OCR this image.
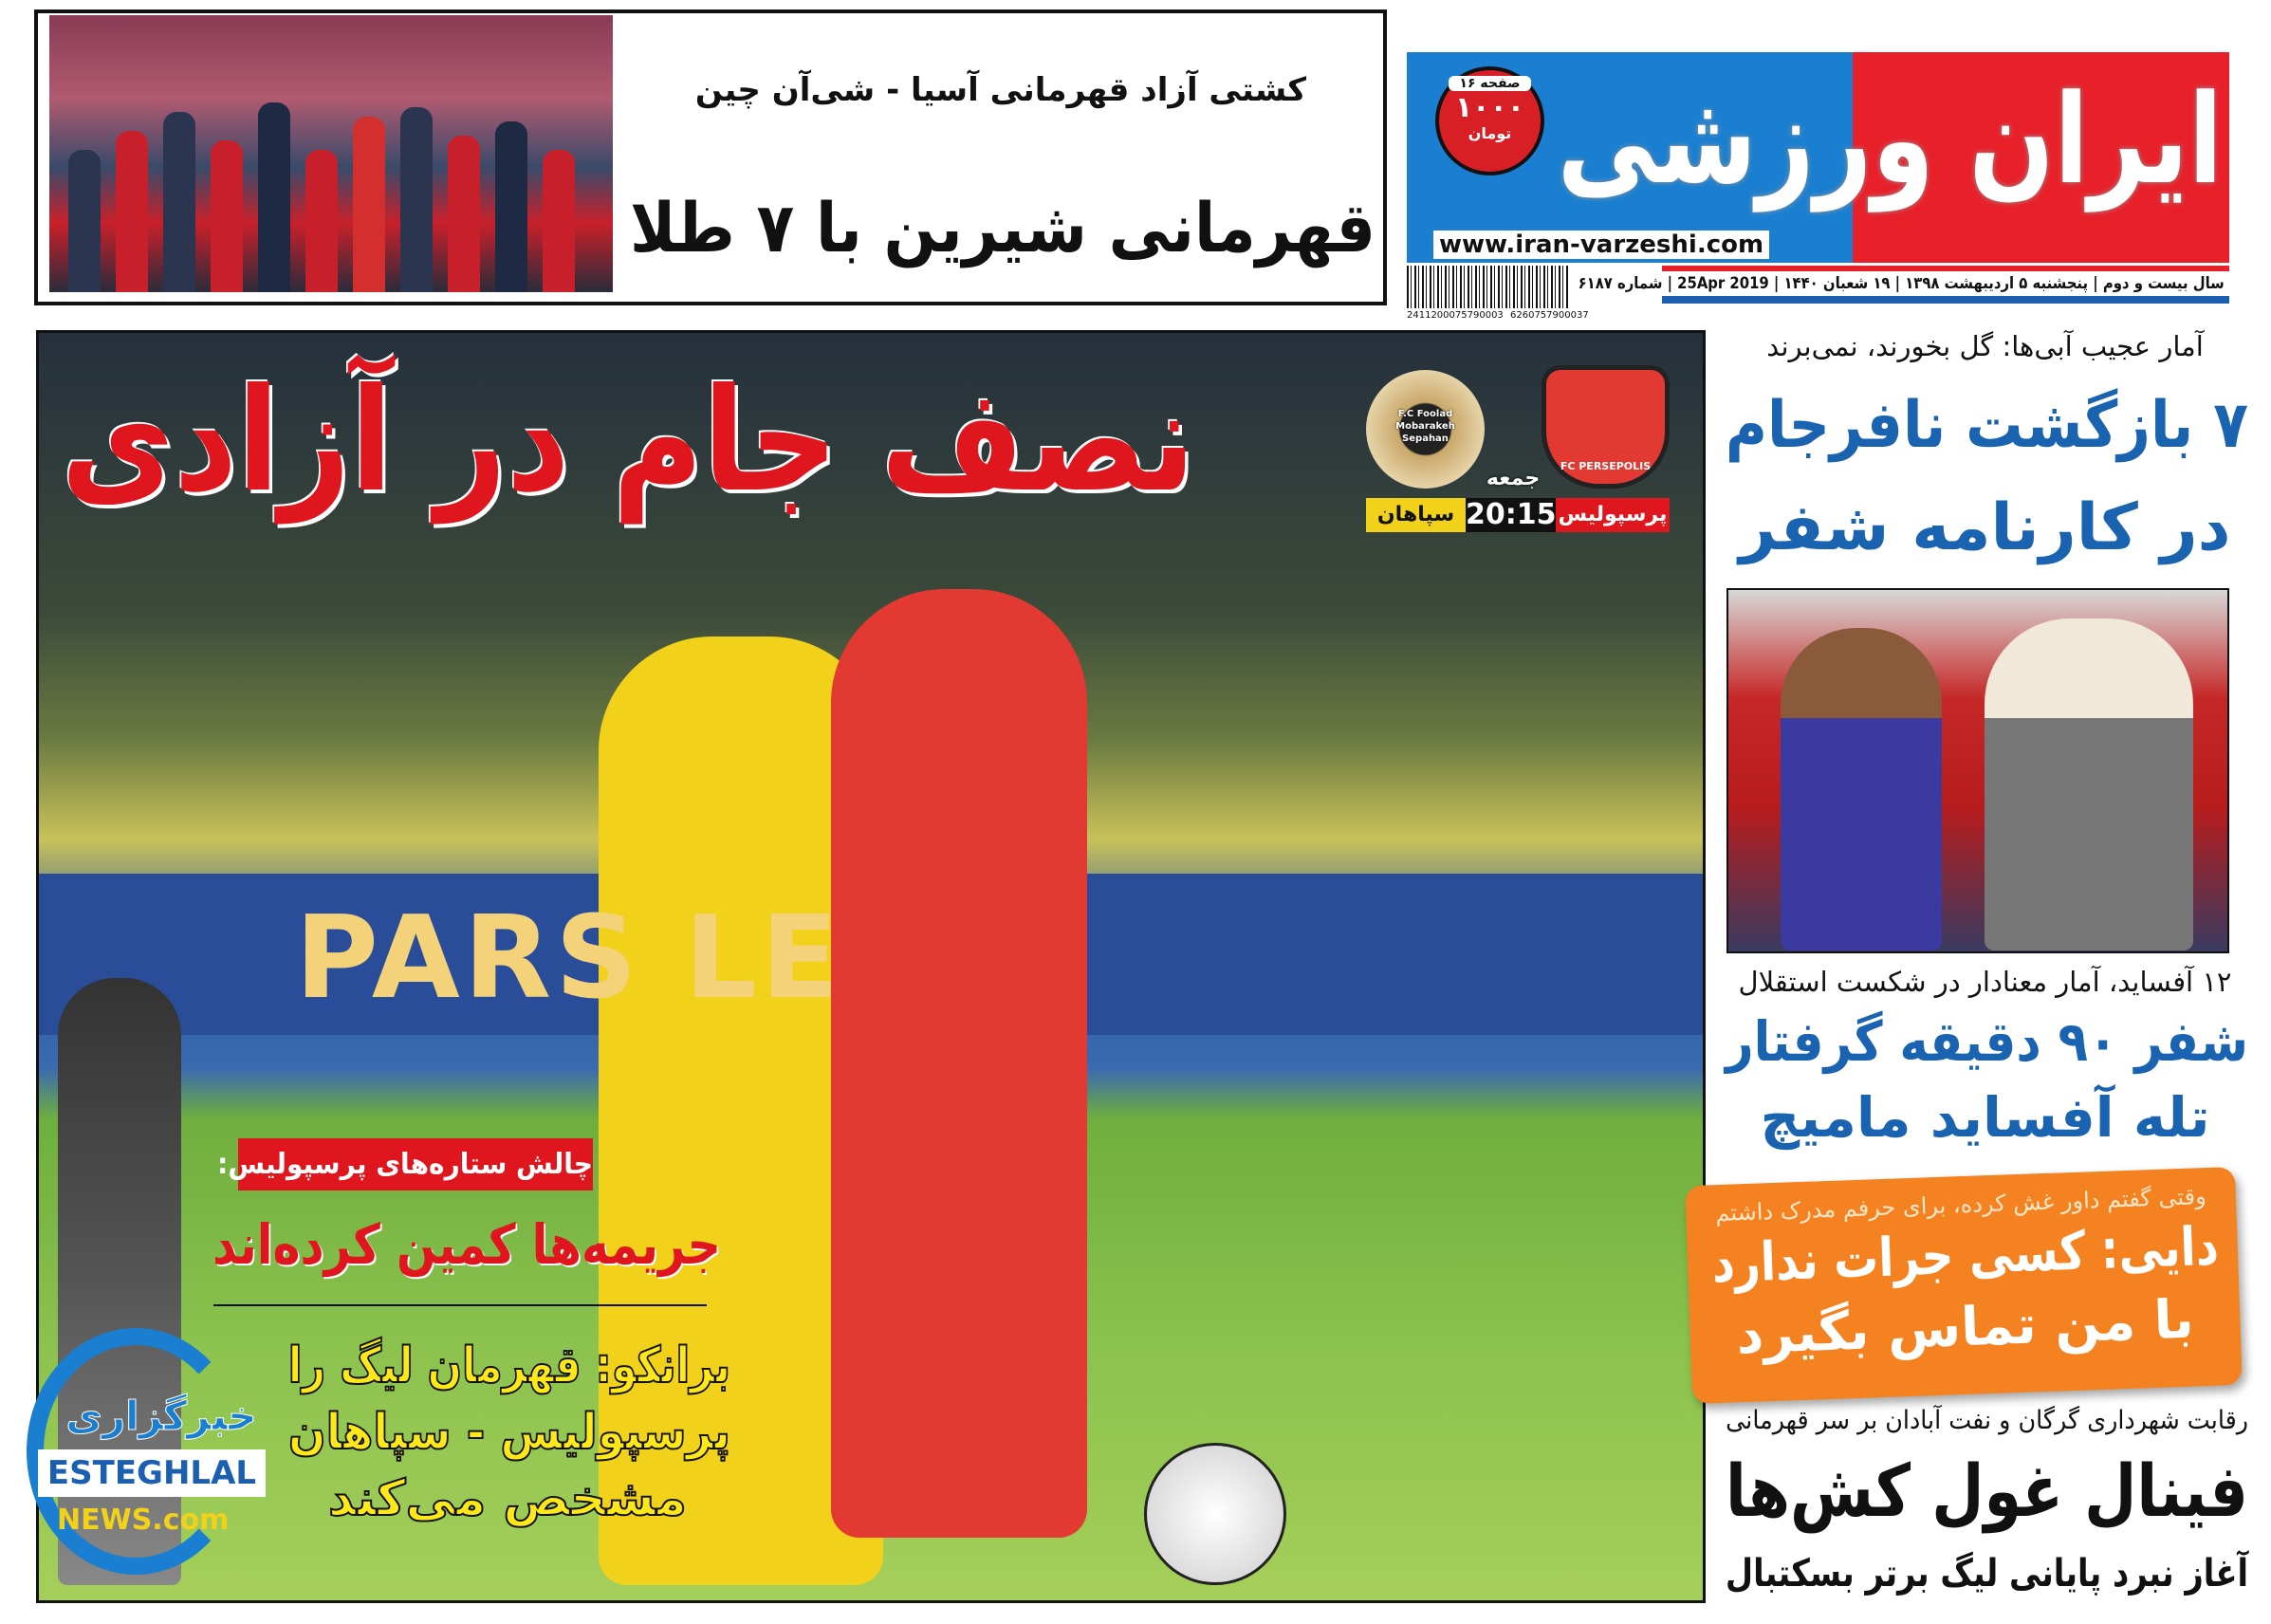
کشتی آزاد قهرمانی آسیا - شی‌آن چین
قهرمانی شیرین با ۷ طلا
ایران ورزشی
۱۶ صفحه
۱۰۰۰
تومان
www.iran-varzeshi.com
2411200075790003 6260757900037
سال بیست و دوم | پنجشنبه ۵ اردیبهشت ۱۳۹۸ | ۱۹ شعبان ۱۴۴۰ | 25Apr 2019 | شماره ۶۱۸۷
PARS LE
نصف جام در آزادی	FC PERSEPOLIS
F.C Foolad Mobarakeh Sepahan
جمعه
سپاهان 20:15 پرسپولیس
چالش ستاره‌های پرسپولیس:
جریمه‌ها کمین کرده‌اند
برانکو: قهرمان لیگ را
پرسپولیس - سپاهان
مشخص می‌کند
خبرگزاری
ESTEGHLAL
NEWS.com
آمار عجیب آبی‌ها: گل بخورند، نمی‌برند
۷ بازگشت نافرجام
در کارنامه شفر
۱۲ آفساید، آمار معنادار در شکست استقلال
شفر ۹۰ دقیقه گرفتار
تله آفساید مامیچ
وقتی گفتم داور غش کرده، برای حرفم مدرک داشتم
دایی: کسی جرات ندارد
با من تماس بگیرد
رقابت شهرداری گرگان و نفت آبادان بر سر قهرمانی
فینال غول کش‌ها
آغاز نبرد پایانی لیگ برتر بسکتبال
